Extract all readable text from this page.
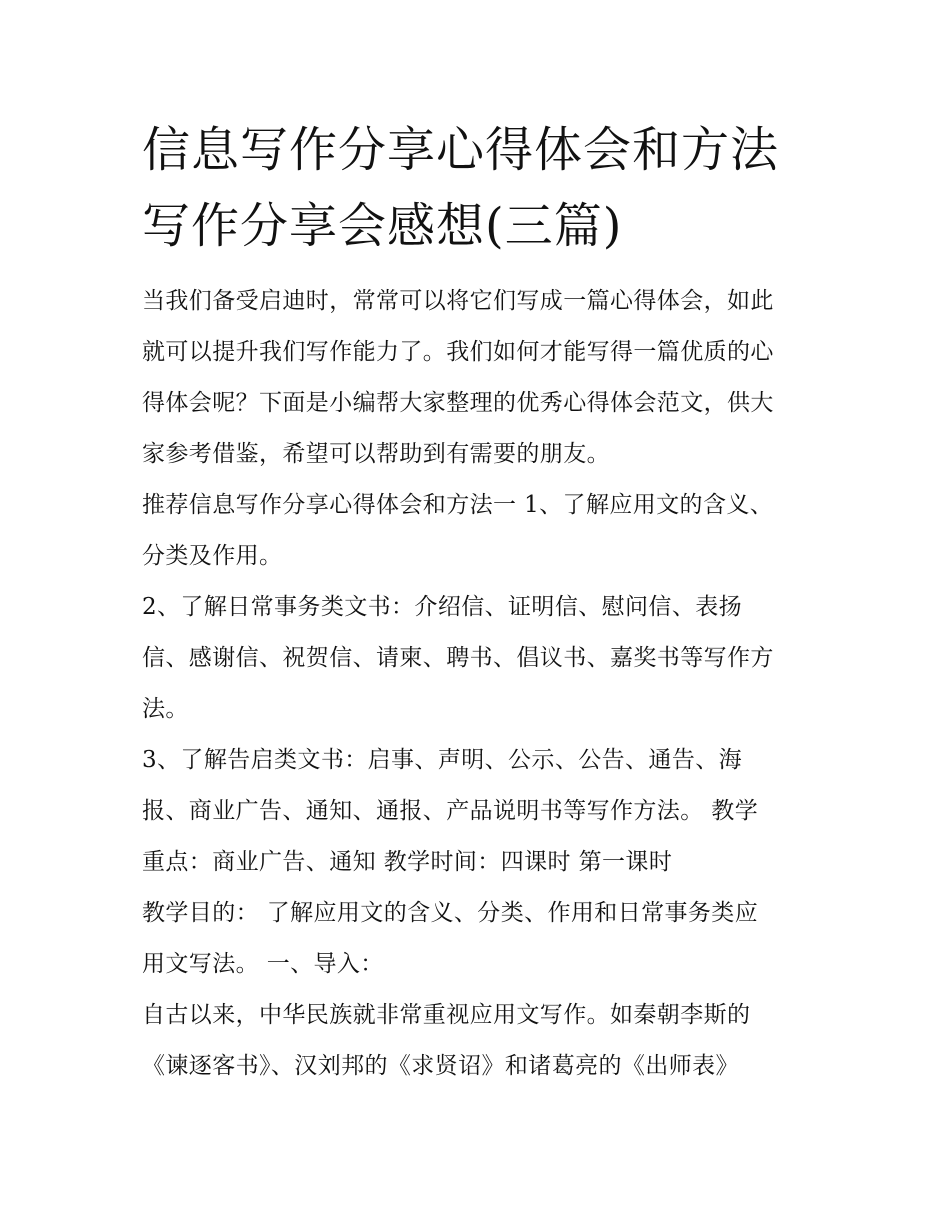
信息写作分享心得体会和方法
写作分享会感想(三篇)
当我们备受启迪时，常常可以将它们写成一篇心得体会，如此
就可以提升我们写作能力了。我们如何才能写得一篇优质的心
得体会呢？下面是小编帮大家整理的优秀心得体会范文，供大
家参考借鉴，希望可以帮助到有需要的朋友。
推荐信息写作分享心得体会和方法一 1、了解应用文的含义、
分类及作用。
2、了解日常事务类文书：介绍信、证明信、慰问信、表扬
信、感谢信、祝贺信、请柬、聘书、倡议书、嘉奖书等写作方
法。
3、了解告启类文书：启事、声明、公示、公告、通告、海
报、商业广告、通知、通报、产品说明书等写作方法。 教学
重点：商业广告、通知 教学时间：四课时 第一课时
教学目的： 了解应用文的含义、分类、作用和日常事务类应
用文写法。 一、导入：
自古以来，中华民族就非常重视应用文写作。如秦朝李斯的
《谏逐客书》、汉刘邦的《求贤诏》和诸葛亮的《出师表》
